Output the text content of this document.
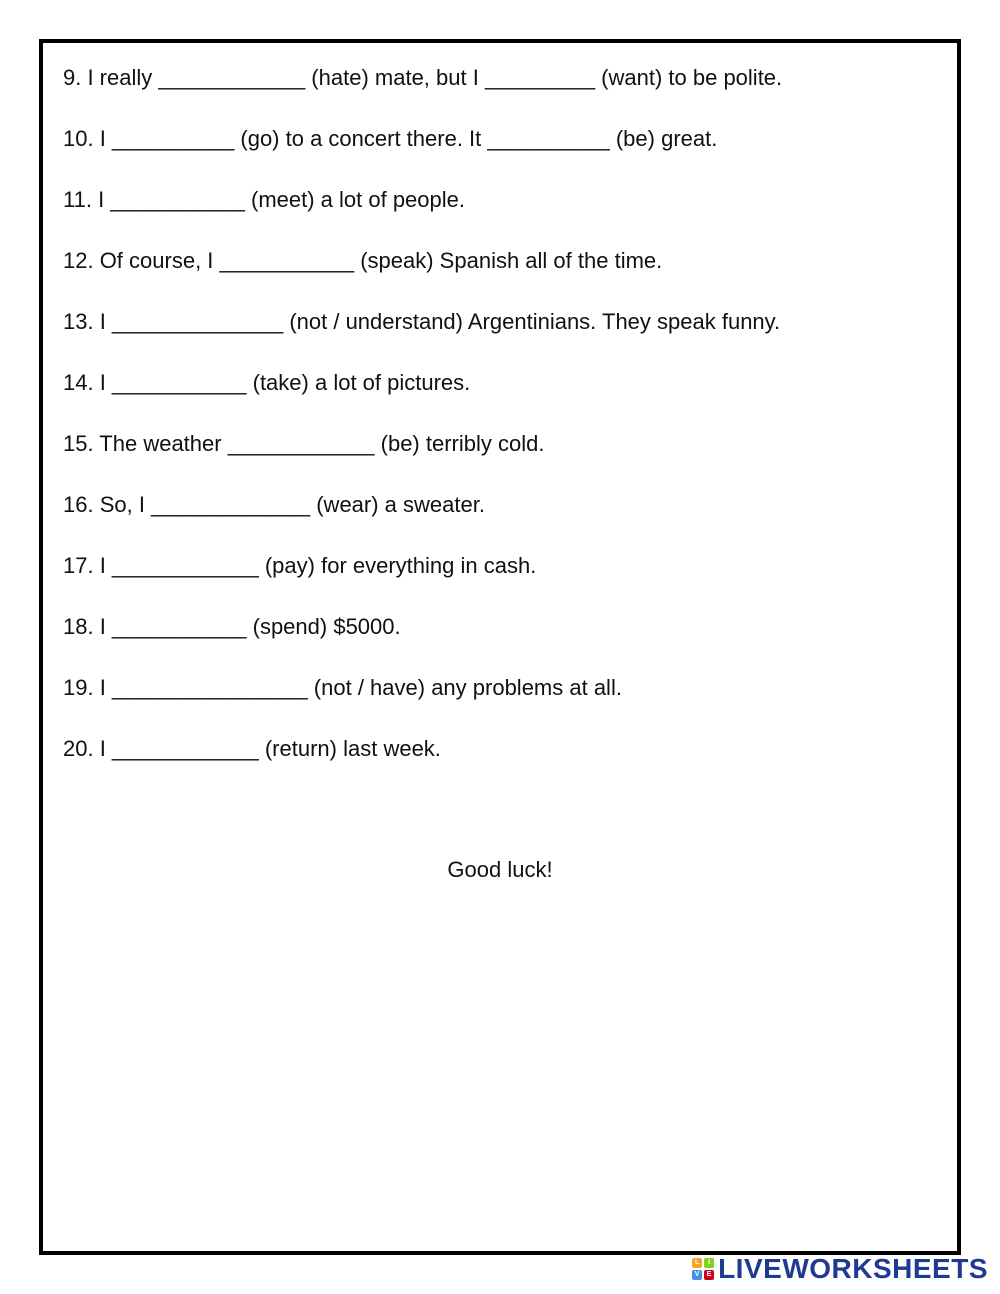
9. I really ____________ (hate) mate, but I _________ (want) to be polite.
10. I __________ (go) to a concert there. It __________ (be) great.
11. I ___________ (meet) a lot of people.
12. Of course, I ___________ (speak) Spanish all of the time.
13. I ______________ (not / understand) Argentinians. They speak funny.
14. I ___________ (take) a lot of pictures.
15. The weather ____________ (be) terribly cold.
16. So, I _____________ (wear) a sweater.
17. I ____________ (pay) for everything in cash.
18. I ___________ (spend) $5000.
19. I ________________ (not / have) any problems at all.
20. I ____________ (return) last week.
Good luck!
L	I
V	E LIVEWORKSHEETS
